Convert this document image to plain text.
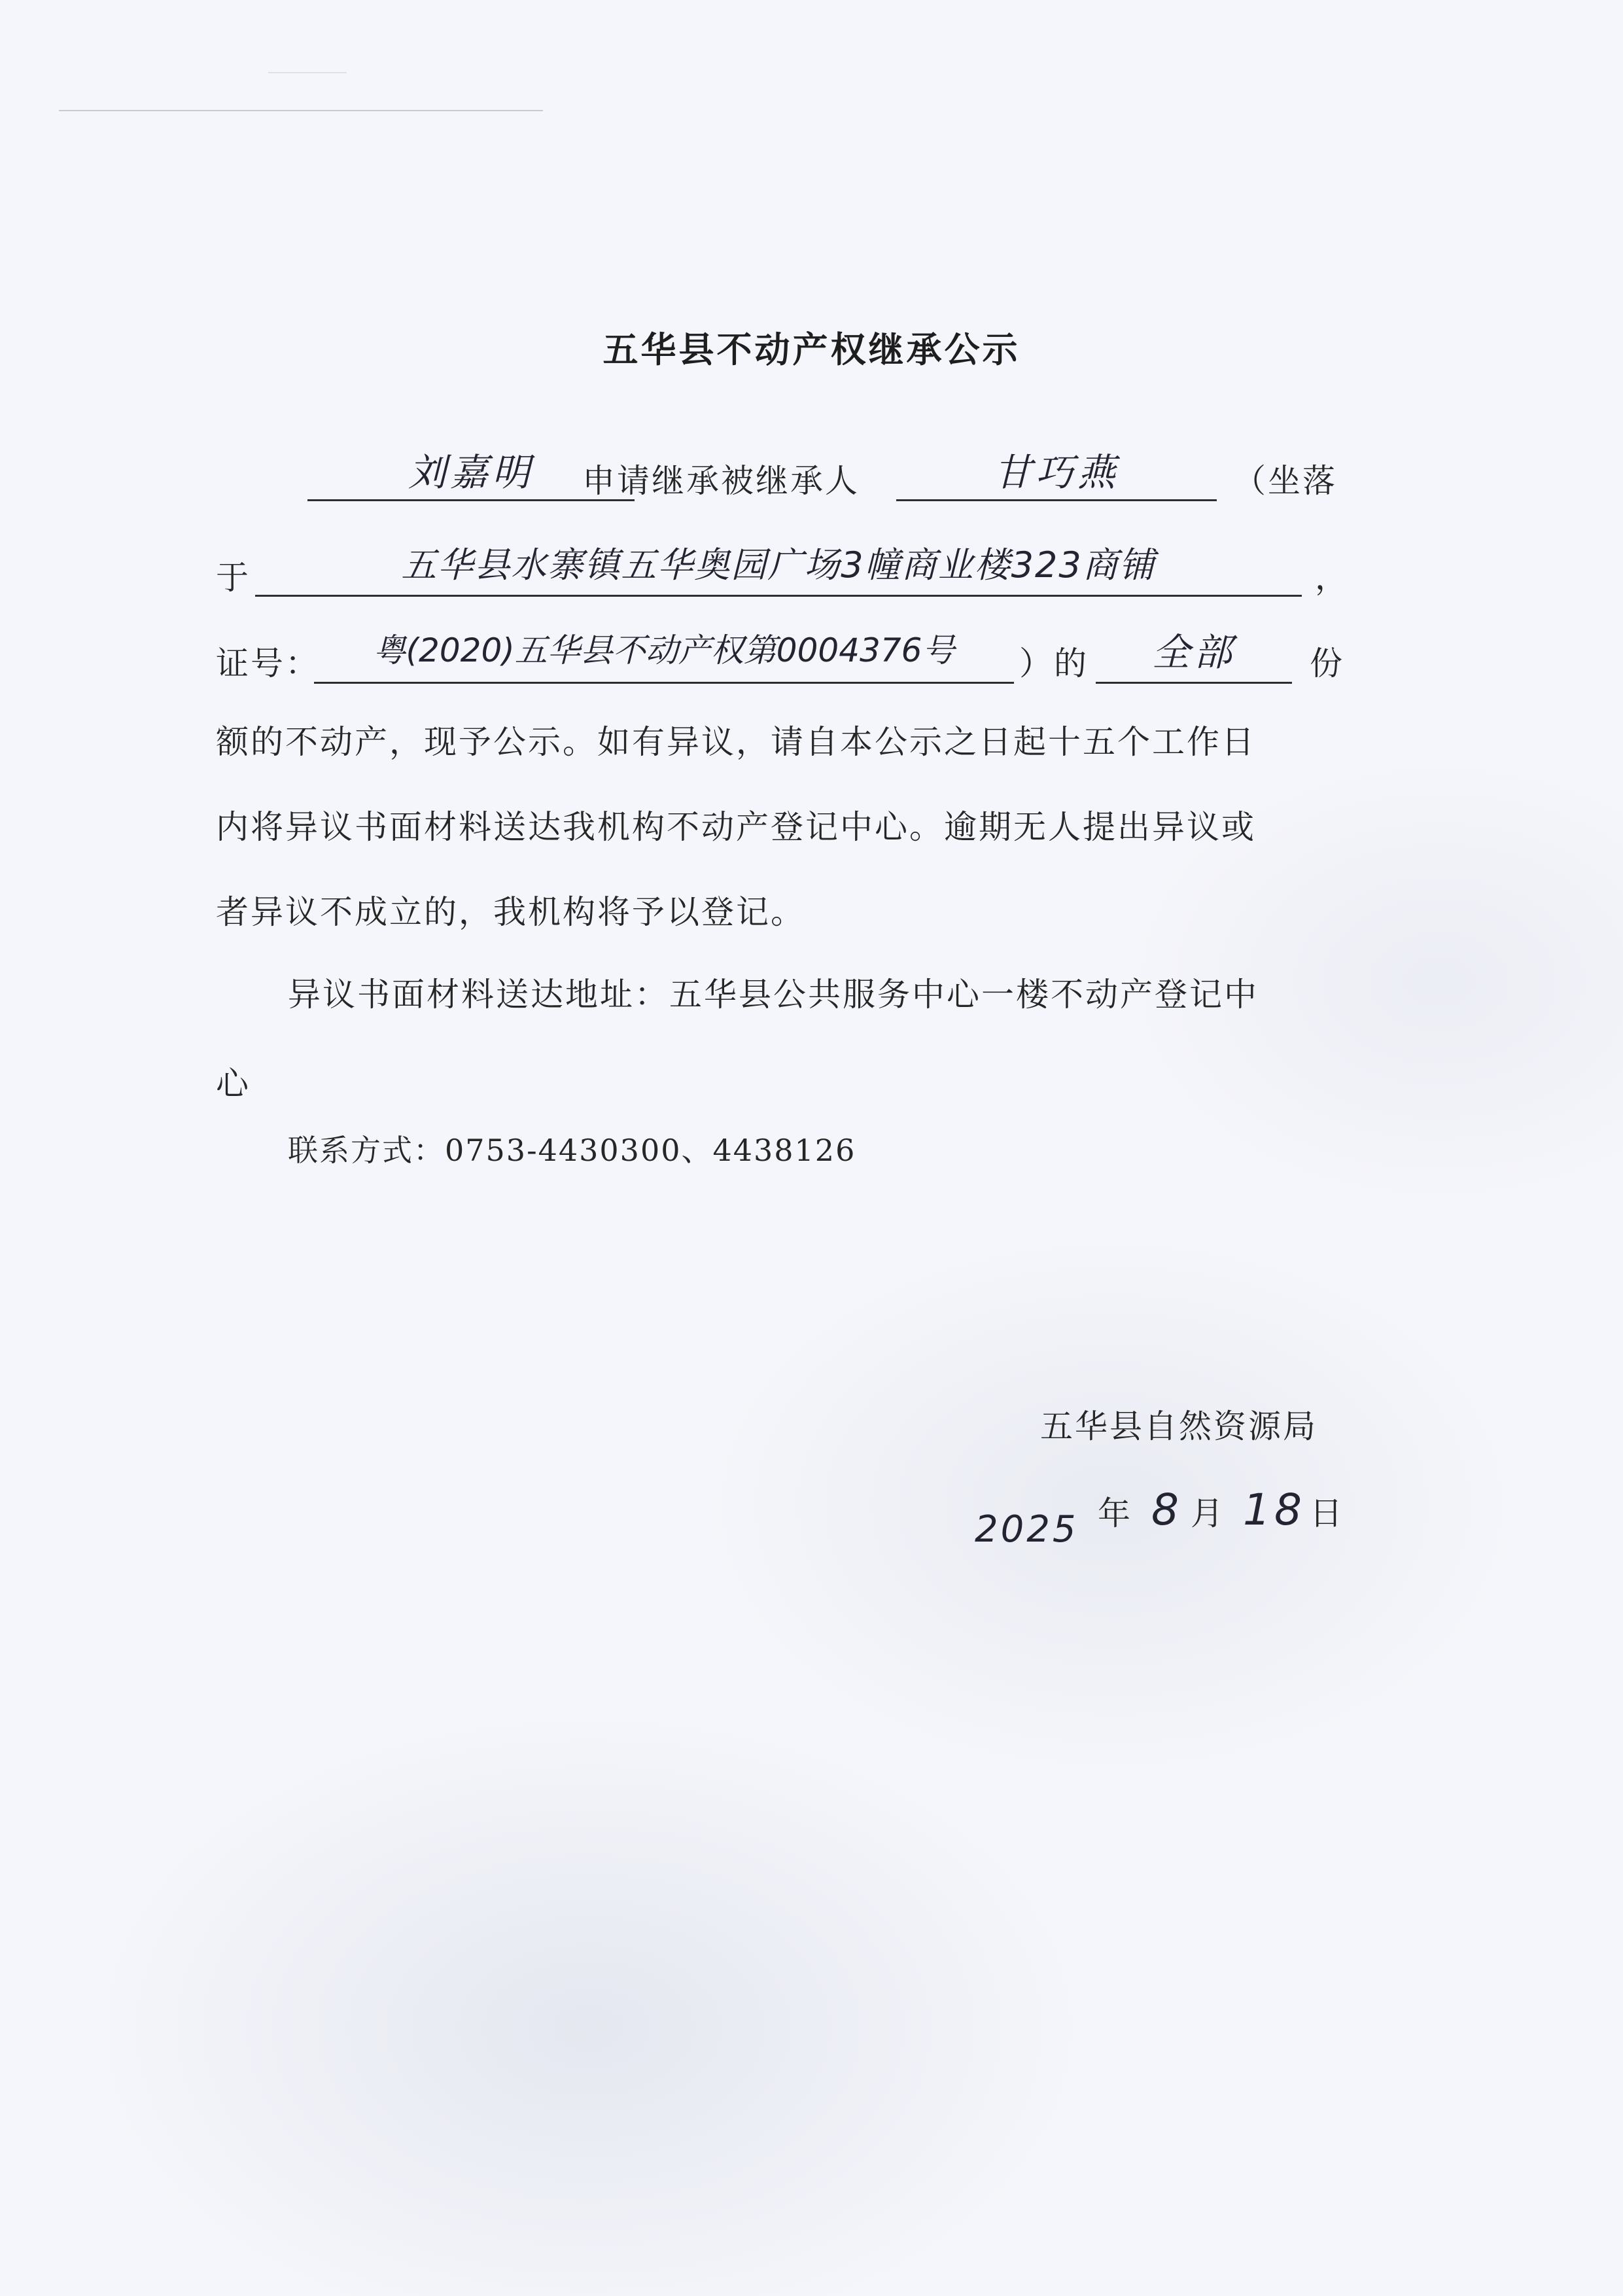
五华县不动产权继承公示
刘嘉明	申请继承被继承人	甘巧燕	（坐落
于	五华县水寨镇五华奥园广场3幢商业楼323商铺	，
证号：	粤(2020)五华县不动产权第0004376号	）的	全部	份
额的不动产，现予公示。如有异议，请自本公示之日起十五个工作日
内将异议书面材料送达我机构不动产登记中心。逾期无人提出异议或
者异议不成立的，我机构将予以登记。
异议书面材料送达地址：五华县公共服务中心一楼不动产登记中
心
联系方式：0753-4430300、4438126
五华县自然资源局
2025 年 8 月 18 日
